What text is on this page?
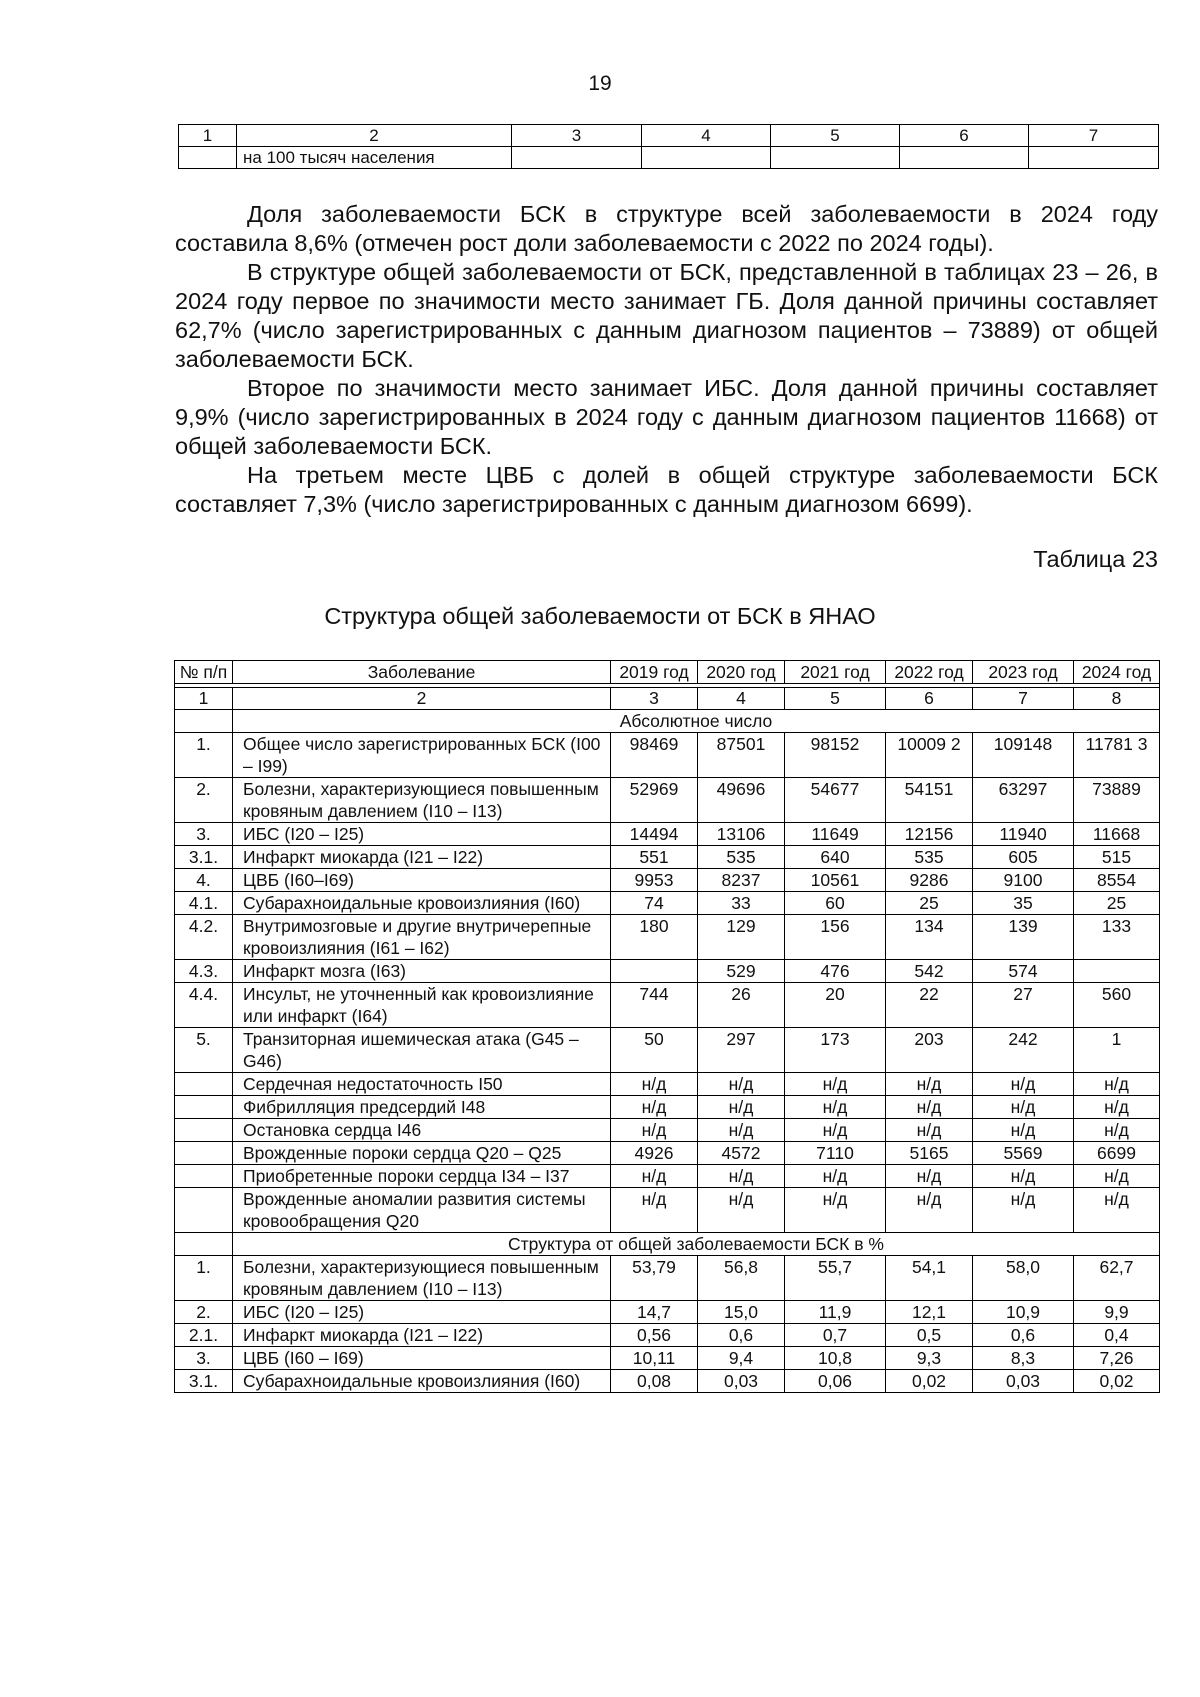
19
1	2	3	4	5	6	7
	на 100 тысяч населения					

Доля заболеваемости БСК в структуре всей заболеваемости в 2024 году составила 8,6% (отмечен рост доли заболеваемости с 2022 по 2024 годы).

В структуре общей заболеваемости от БСК, представленной в таблицах 23 – 26, в 2024 году первое по значимости место занимает ГБ. Доля данной причины составляет 62,7% (число зарегистрированных с данным диагнозом пациентов – 73889) от общей заболеваемости БСК.

Второе по значимости место занимает ИБС. Доля данной причины составляет 9,9% (число зарегистрированных в 2024 году с данным диагнозом пациентов 11668) от общей заболеваемости БСК.

На третьем месте ЦВБ с долей в общей структуре заболеваемости БСК составляет 7,3% (число зарегистрированных с данным диагнозом 6699).

Таблица 23
Структура общей заболеваемости от БСК в ЯНАО
№ п/п	Заболевание	2019 год	2020 год	2021 год	2022 год	2023 год	2024 год

1	2	3	4	5	6	7	8
	Абсолютное число						
1.	Общее число зарегистрированных БСК (I00 – I99)	98469	87501	98152	10009 2	109148	11781 3
2.	Болезни, характеризующиеся повышенным кровяным давлением (I10 – I13)	52969	49696	54677	54151	63297	73889
3.	ИБС (I20 – I25)	14494	13106	11649	12156	11940	11668
3.1.	Инфаркт миокарда (I21 – I22)	551	535	640	535	605	515
4.	ЦВБ (I60–I69)	9953	8237	10561	9286	9100	8554
4.1.	Субарахноидальные кровоизлияния (I60)	74	33	60	25	35	25
4.2.	Внутримозговые и другие внутричерепные кровоизлияния (I61 – I62)	180	129	156	134	139	133
4.3.	Инфаркт мозга (I63)		529	476	542	574	
4.4.	Инсульт, не уточненный как кровоизлияние или инфаркт (I64)	744	26	20	22	27	560
5.	Транзиторная ишемическая атака (G45 – G46)	50	297	173	203	242	1
	Сердечная недостаточность I50	н/д	н/д	н/д	н/д	н/д	н/д
	Фибрилляция предсердий I48	н/д	н/д	н/д	н/д	н/д	н/д
	Остановка сердца I46	н/д	н/д	н/д	н/д	н/д	н/д
	Врожденные пороки сердца Q20 – Q25	4926	4572	7110	5165	5569	6699
	Приобретенные пороки сердца I34 – I37	н/д	н/д	н/д	н/д	н/д	н/д
	Врожденные аномалии развития системы кровообращения Q20	н/д	н/д	н/д	н/д	н/д	н/д
	Структура от общей заболеваемости БСК в %						
1.	Болезни, характеризующиеся повышенным кровяным давлением (I10 – I13)	53,79	56,8	55,7	54,1	58,0	62,7
2.	ИБС (I20 – I25)	14,7	15,0	11,9	12,1	10,9	9,9
2.1.	Инфаркт миокарда (I21 – I22)	0,56	0,6	0,7	0,5	0,6	0,4
3.	ЦВБ (I60 – I69)	10,11	9,4	10,8	9,3	8,3	7,26
3.1.	Субарахноидальные кровоизлияния (I60)	0,08	0,03	0,06	0,02	0,03	0,02
